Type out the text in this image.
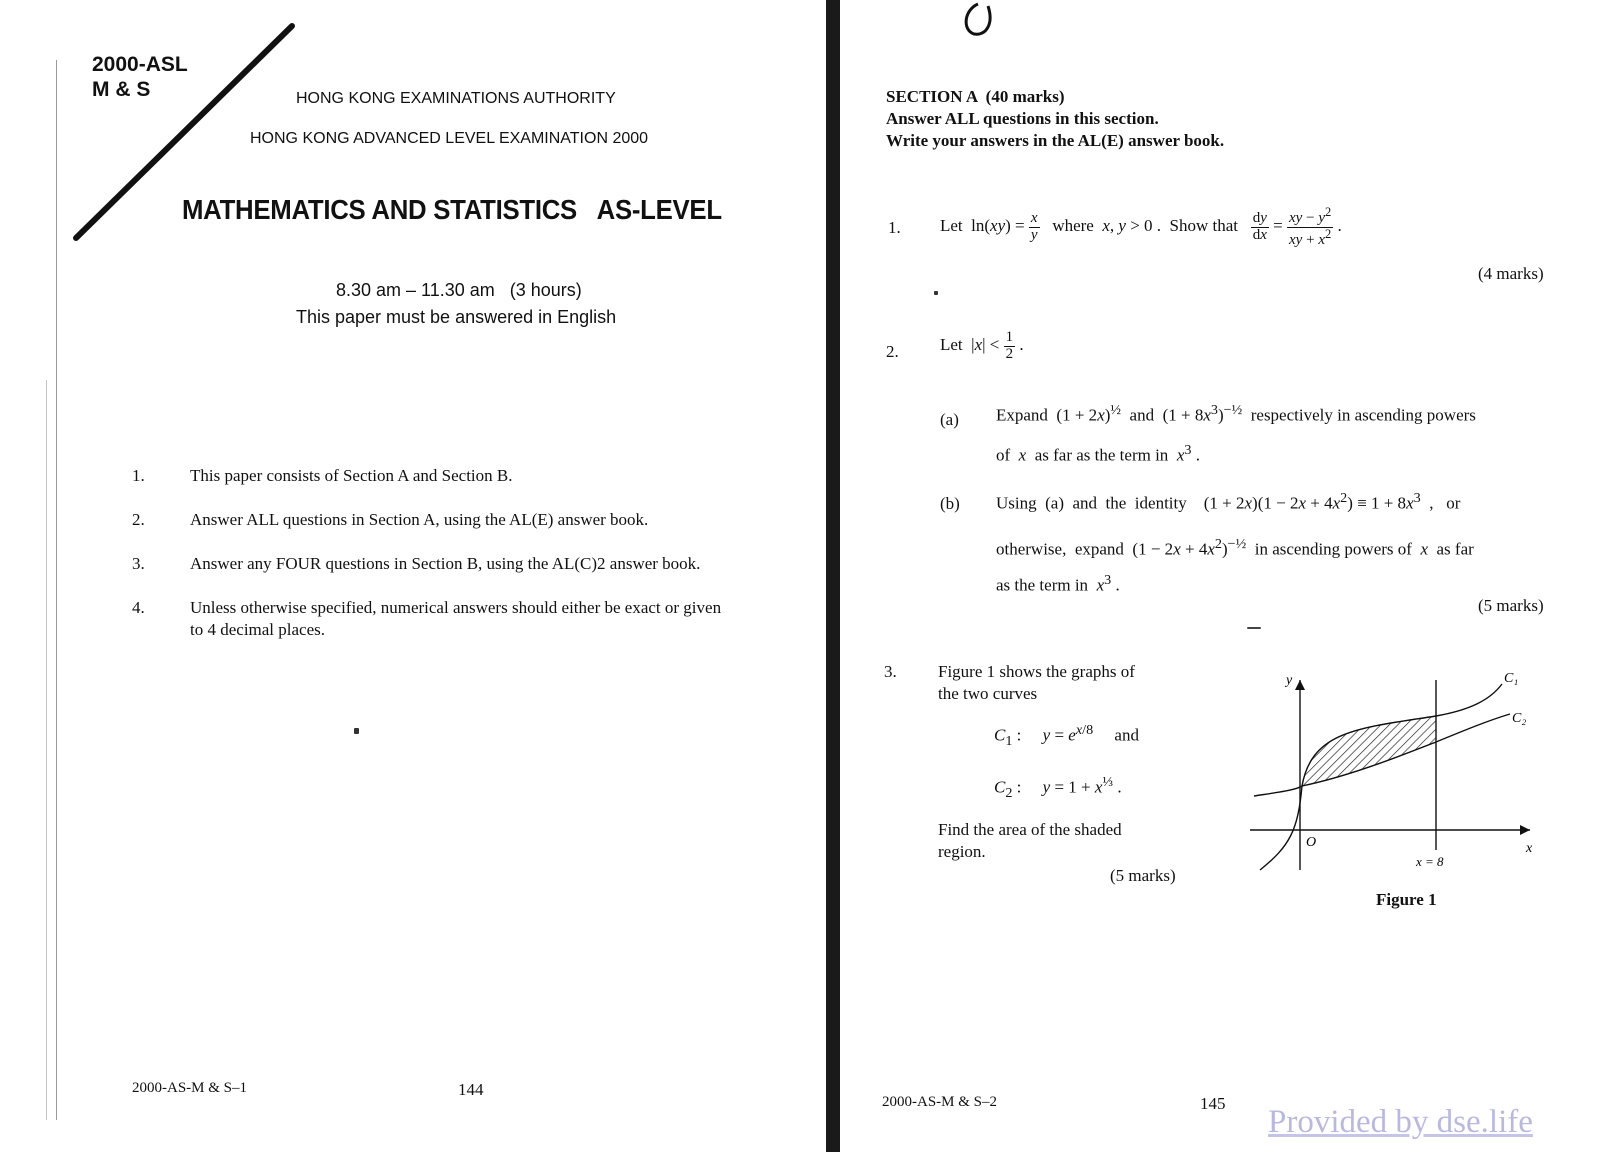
2000-ASL
M & S	HONG KONG EXAMINATIONS AUTHORITY
HONG KONG ADVANCED LEVEL EXAMINATION 2000
MATHEMATICS AND STATISTICS   AS-LEVEL
8.30 am – 11.30 am   (3 hours)
This paper must be answered in English
1.	This paper consists of Section A and Section B.
2.	Answer ALL questions in Section A, using the AL(E) answer book.
3.	Answer any FOUR questions in Section B, using the AL(C)2 answer book.
4.	Unless otherwise specified, numerical answers should either be exact or given
to 4 decimal places.
2000-AS-M & S–1	144
SECTION A  (40 marks)
Answer ALL questions in this section.
Write your answers in the AL(E) answer book.
1. Let  $\ln(xy) = \frac{x}{y}$ where  x, y > 0 .  Show that $\frac{dy}{dx} = \frac{xy - y^2}{xy + x^2}$ .
(4 marks)
2. Let  $|x| < \frac{1}{2}$ .
(a) Expand  $(1 + 2x)^{\frac{1}{2}}$  and  $(1 + 8x^3)^{-\frac{1}{2}}$  respectively in ascending powers
of  x  as far as the term in  $x^3$ .
(b) Using  (a)  and  the  identity    $(1 + 2x)(1 - 2x + 4x^2) \equiv 1 + 8x^3$  ,   or
otherwise,  expand  $(1 - 2x + 4x^2)^{-\frac{1}{2}}$  in ascending powers of  x  as far
as the term in  $x^3$ .
(5 marks)
3. Figure 1 shows the graphs of
the two curves
$C_1$ :     $y = e^{x/8}$     and
$C_2$ :     $y = 1 + x^{\frac{1}{3}}$ .
Find the area of the shaded
region.
(5 marks)
y
x
O
C₁
C₂
x = 8
Figure 1
2000-AS-M & S–2	145
Provided by dse.life
